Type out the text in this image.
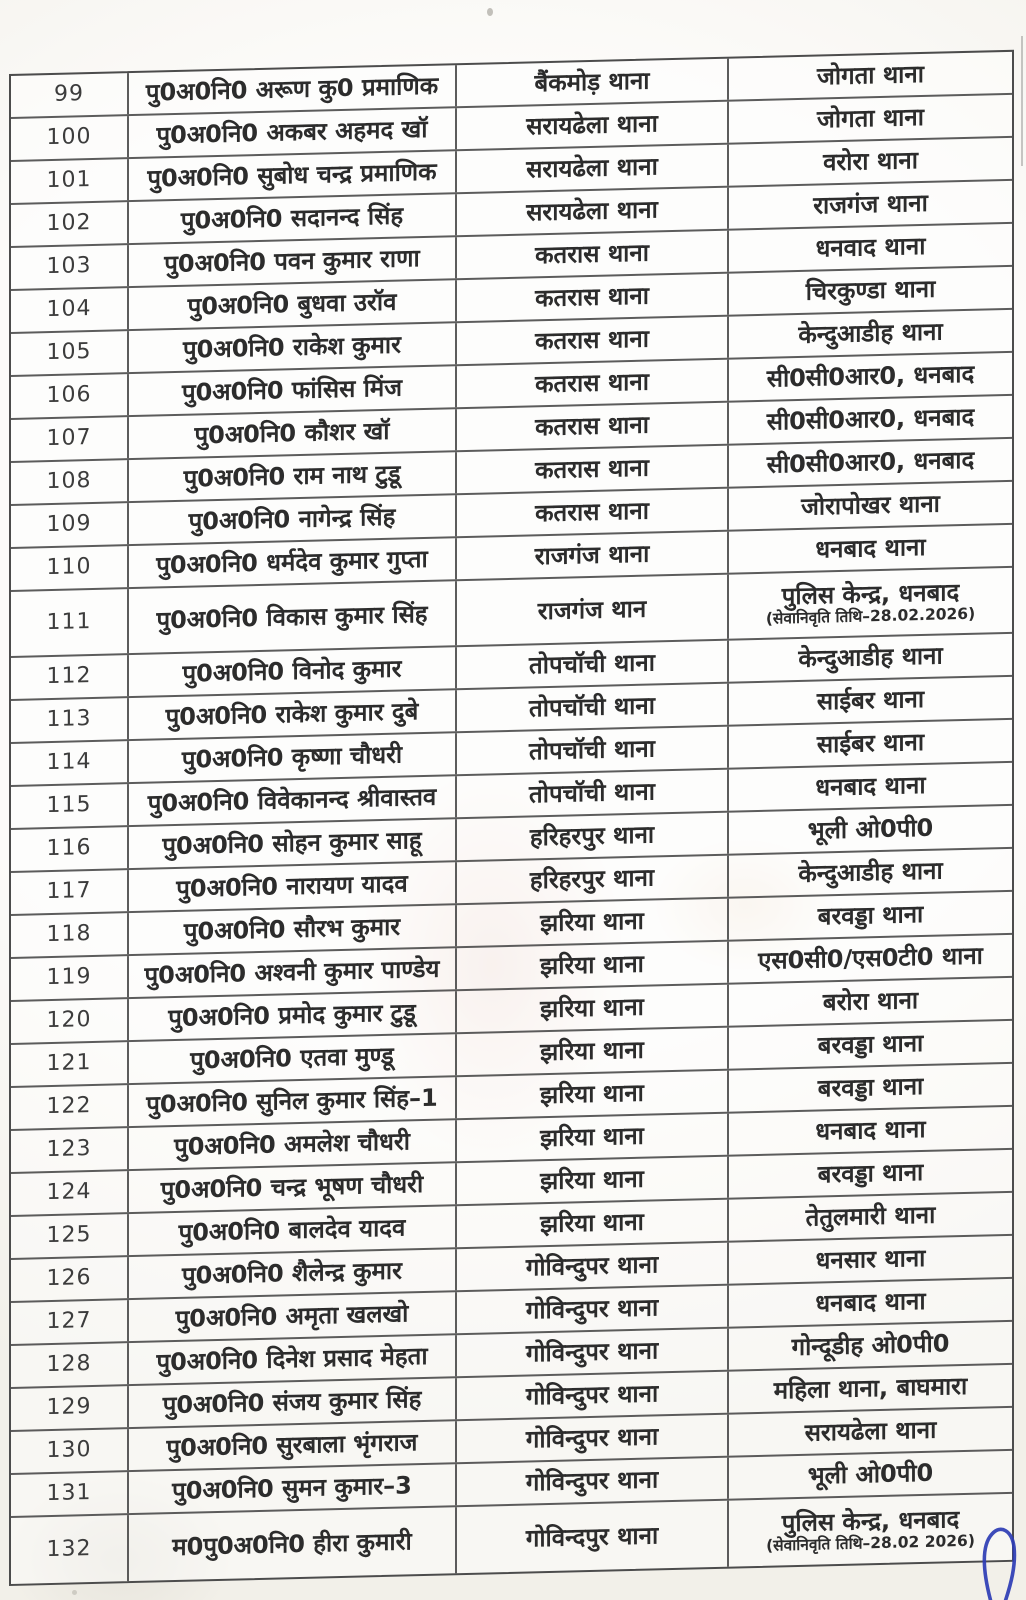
99	पु0अ0नि0 अरूण कु0 प्रमाणिक	बैंकमोड़ थाना	जोगता थाना
100	पु0अ0नि0 अकबर अहमद खॉ	सरायढेला थाना	जोगता थाना
101 पु0अ0नि0 सुबोध चन्द्र प्रमाणिक	सरायढेला थाना	वरोरा थाना
102	पु0अ0नि0 सदानन्द सिंह	सरायढेला थाना	राजगंज थाना
103	पु0अ0नि0 पवन कुमार राणा	कतरास थाना	धनवाद थाना
104	पु0अ0नि0 बुधवा उरॉव	कतरास थाना	चिरकुण्डा थाना
105	पु0अ0नि0 राकेश कुमार	कतरास थाना	केन्दुआडीह थाना
106	पु0अ0नि0 फांसिस मिंज	कतरास थाना	सी0सी0आर0, धनबाद
107	पु0अ0नि0 कौशर खॉ	कतरास थाना	सी0सी0आर0, धनबाद
108	पु0अ0नि0 राम नाथ टुडू	कतरास थाना	सी0सी0आर0, धनबाद
109	पु0अ0नि0 नागेन्द्र सिंह	कतरास थाना	जोरापोखर थाना
110	पु0अ0नि0 धर्मदेव कुमार गुप्ता	राजगंज थाना	धनबाद थाना
111	पु0अ0नि0 विकास कुमार सिंह	राजगंज थान	पुलिस केन्द्र, धनबाद
(सेवानिवृति तिथि–28.02.2026)
112	पु0अ0नि0 विनोद कुमार	तोपचॉची थाना	केन्दुआडीह थाना
113	पु0अ0नि0 राकेश कुमार दुबे	तोपचॉची थाना	साईबर थाना
114	पु0अ0नि0 कृष्णा चौधरी	तोपचॉची थाना	साईबर थाना
115 पु0अ0नि0 विवेकानन्द श्रीवास्तव	तोपचॉची थाना	धनबाद थाना
116	पु0अ0नि0 सोहन कुमार साहू	हरिहरपुर थाना	भूली ओ0पी0
117	पु0अ0नि0 नारायण यादव	हरिहरपुर थाना	केन्दुआडीह थाना
118	पु0अ0नि0 सौरभ कुमार	झरिया थाना	बरवड्डा थाना
119 पु0अ0नि0 अश्वनी कुमार पाण्डेय	झरिया थाना	एस0सी0/एस0टी0 थाना
120	पु0अ0नि0 प्रमोद कुमार टुडू	झरिया थाना	बरोरा थाना
121	पु0अ0नि0 एतवा मुण्डू	झरिया थाना	बरवड्डा थाना
122 पु0अ0नि0 सुनिल कुमार सिंह–1	झरिया थाना	बरवड्डा थाना
123	पु0अ0नि0 अमलेश चौधरी	झरिया थाना	धनबाद थाना
124	पु0अ0नि0 चन्द्र भूषण चौधरी	झरिया थाना	बरवड्डा थाना
125	पु0अ0नि0 बालदेव यादव	झरिया थाना	तेतुलमारी थाना
126	पु0अ0नि0 शैलेन्द्र कुमार	गोविन्दुपर थाना	धनसार थाना
127	पु0अ0नि0 अमृता खलखो	गोविन्दुपर थाना	धनबाद थाना
128	पु0अ0नि0 दिनेश प्रसाद मेहता	गोविन्दुपर थाना	गोन्दूडीह ओ0पी0
129	पु0अ0नि0 संजय कुमार सिंह	गोविन्दुपर थाना	महिला थाना, बाघमारा
130	पु0अ0नि0 सुरबाला भृंगराज	गोविन्दुपर थाना	सरायढेला थाना
131	पु0अ0नि0 सुमन कुमार–3	गोविन्दुपर थाना	भूली ओ0पी0
132	म0पु0अ0नि0 हीरा कुमारी	गोविन्दपुर थाना	पुलिस केन्द्र, धनबाद
(सेवानिवृति तिथि–28.02 2026)
